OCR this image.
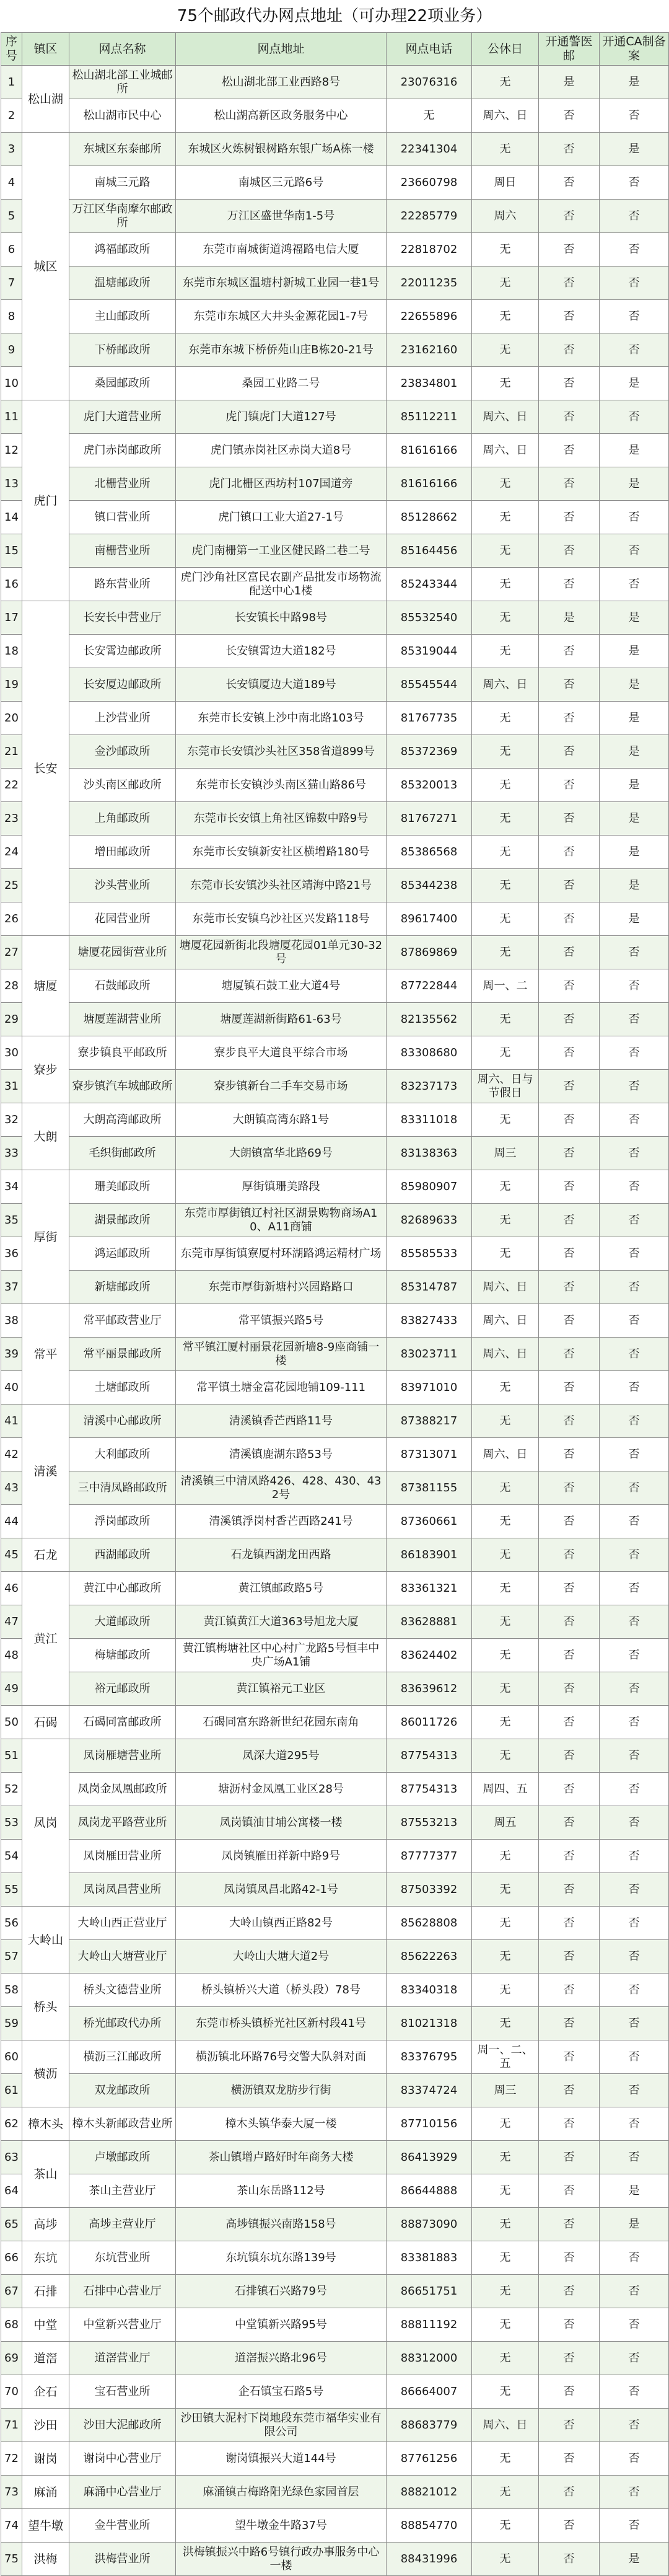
75个邮政代办网点地址（可办理22项业务）
序号	镇区	网点名称	网点地址	网点电话	公休日	开通警医邮	开通CA制备案
1	松山湖	松山湖北部工业城邮所	松山湖北部工业西路8号	23076316	无	是	是
2		松山湖市民中心	松山湖高新区政务服务中心	无	周六、日	否	否
3	城区	东城区东泰邮所	东城区火炼树银树路东银广场A栋一楼	22341304	无	否	是
4		南城三元路	南城区三元路6号	23660798	周日	否	否
5		万江区华南摩尔邮政所	万江区盛世华南1-5号	22285779	周六	否	否
6		鸿福邮政所	东莞市南城街道鸿福路电信大厦	22818702	无	否	否
7		温塘邮政所	东莞市东城区温塘村新城工业园一巷1号	22011235	无	否	否
8		主山邮政所	东莞市东城区大井头金源花园1-7号	22655896	无	否	否
9		下桥邮政所	东莞市东城下桥侨苑山庄B栋20-21号	23162160	无	否	否
10		桑园邮政所	桑园工业路二号	23834801	无	否	是
11	虎门	虎门大道营业所	虎门镇虎门大道127号	85112211	周六、日	否	否
12		虎门赤岗邮政所	虎门镇赤岗社区赤岗大道8号	81616166	周六、日	否	是
13		北栅营业所	虎门北栅区西坊村107国道旁	81616166	无	否	是
14		镇口营业所	虎门镇口工业大道27-1号	85128662	无	否	否
15		南栅营业所	虎门南栅第一工业区健民路二巷二号	85164456	无	否	否
16		路东营业所	虎门沙角社区富民农副产品批发市场物流配送中心1楼	85243344	无	否	否
17	长安	长安长中营业厅	长安镇长中路98号	85532540	无	是	是
18		长安霄边邮政所	长安镇霄边大道182号	85319044	无	否	是
19		长安厦边邮政所	长安镇厦边大道189号	85545544	周六、日	否	是
20		上沙营业所	东莞市长安镇上沙中南北路103号	81767735	无	否	是
21		金沙邮政所	东莞市长安镇沙头社区358省道899号	85372369	无	否	是
22		沙头南区邮政所	东莞市长安镇沙头南区猫山路86号	85320013	无	否	是
23		上角邮政所	东莞市长安镇上角社区锦数中路9号	81767271	无	否	是
24		增田邮政所	东莞市长安镇新安社区横增路180号	85386568	无	否	是
25		沙头营业所	东莞市长安镇沙头社区靖海中路21号	85344238	无	否	是
26		花园营业所	东莞市长安镇乌沙社区兴发路118号	89617400	无	否	是
27	塘厦	塘厦花园街营业所	塘厦花园新街北段塘厦花园01单元30-32号	87869869	无	否	否
28		石鼓邮政所	塘厦镇石鼓工业大道4号	87722844	周一、二	否	否
29		塘厦莲湖营业所	塘厦莲湖新街路61-63号	82135562	无	否	否
30	寮步	寮步镇良平邮政所	寮步良平大道良平综合市场	83308680	无	否	否
31		寮步镇汽车城邮政所	寮步镇新台二手车交易市场	83237173	周六、日与节假日	否	否
32	大朗	大朗高湾邮政所	大朗镇高湾东路1号	83311018	无	否	否
33		毛织街邮政所	大朗镇富华北路69号	83138363	周三	否	否
34	厚街	珊美邮政所	厚街镇珊美路段	85980907	无	否	否
35		湖景邮政所	东莞市厚街镇辽村社区湖景购物商场A10、A11商铺	82689633	无	否	否
36		鸿运邮政所	东莞市厚街镇寮厦村环湖路鸿运精材广场	85585533	无	否	否
37		新塘邮政所	东莞市厚街新塘村兴园路路口	85314787	周六、日	否	否
38	常平	常平邮政营业厅	常平镇振兴路5号	83827433	周六、日	否	否
39		常平丽景邮政所	常平镇江厦村丽景花园新墙8-9座商铺一楼	83023711	周六、日	否	否
40		土塘邮政所	常平镇土塘金富花园地铺109-111	83971010	无	否	否
41	清溪	清溪中心邮政所	清溪镇香芒西路11号	87388217	无	否	否
42		大利邮政所	清溪镇鹿湖东路53号	87313071	周六、日	否	否
43		三中清凤路邮政所	清溪镇三中清凤路426、428、430、432号	87381155	无	否	否
44		浮岗邮政所	清溪镇浮岗村香芒西路241号	87360661	无	否	否
45	石龙	西湖邮政所	石龙镇西湖龙田西路	86183901	无	否	否
46	黄江	黄江中心邮政所	黄江镇邮政路5号	83361321	无	否	否
47		大道邮政所	黄江镇黄江大道363号旭龙大厦	83628881	无	否	否
48		梅塘邮政所	黄江镇梅塘社区中心村广龙路5号恒丰中央广场A1铺	83624402	无	否	否
49		裕元邮政所	黄江镇裕元工业区	83639612	无	否	否
50	石碣	石碣同富邮政所	石碣同富东路新世纪花园东南角	86011726	无	否	否
51	凤岗	凤岗雁塘营业所	凤深大道295号	87754313	无	否	否
52		凤岗金凤凰邮政所	塘沥村金凤凰工业区28号	87754313	周四、五	否	否
53		凤岗龙平路营业所	凤岗镇油甘埔公寓楼一楼	87553213	周五	否	否
54		凤岗雁田营业所	凤岗镇雁田祥新中路9号	87777377	无	否	否
55		凤岗凤昌营业所	凤岗镇凤昌北路42-1号	87503392	无	否	否
56	大岭山	大岭山西正营业厅	大岭山镇西正路82号	85628808	无	否	否
57		大岭山大塘营业厅	大岭山大塘大道2号	85622263	无	否	否
58	桥头	桥头文德营业所	桥头镇桥兴大道（桥头段）78号	83340318	无	否	否
59		桥光邮政代办所	东莞市桥头镇桥光社区新村段41号	81021318	无	否	否
60	横沥	横沥三江邮政所	横沥镇北环路76号交警大队斜对面	83376795	周一、二、五	否	否
61		双龙邮政所	横沥镇双龙肪步行街	83374724	周三	否	否
62	樟木头	樟木头新邮政营业所	樟木头镇华泰大厦一楼	87710156	无	否	否
63	茶山	卢墩邮政所	茶山镇增卢路好时年商务大楼	86413929	无	否	否
64		茶山主营业厅	茶山东岳路112号	86644888	无	否	是
65	高埗	高埗主营业厅	高埗镇振兴南路158号	88873090	无	否	是
66	东坑	东坑营业所	东坑镇东坑东路139号	83381883	无	否	否
67	石排	石排中心营业厅	石排镇石兴路79号	86651751	无	否	否
68	中堂	中堂新兴营业厅	中堂镇新兴路95号	88811192	无	否	否
69	道滘	道滘营业厅	道滘振兴路北96号	88312000	无	否	否
70	企石	宝石营业所	企石镇宝石路5号	86664007	无	否	否
71	沙田	沙田大泥邮政所	沙田镇大泥村下岗地段东莞市福华实业有限公司	88683779	周六、日	否	否
72	谢岗	谢岗中心营业厅	谢岗镇振兴大道144号	87761256	无	否	否
73	麻涌	麻涌中心营业厅	麻涌镇古梅路阳光绿色家园首层	88821012	无	否	否
74	望牛墩	金牛营业所	望牛墩金牛路37号	88854770	无	否	否
75	洪梅	洪梅营业所	洪梅镇振兴中路6号镇行政办事服务中心一楼	88431996	无	否	是
